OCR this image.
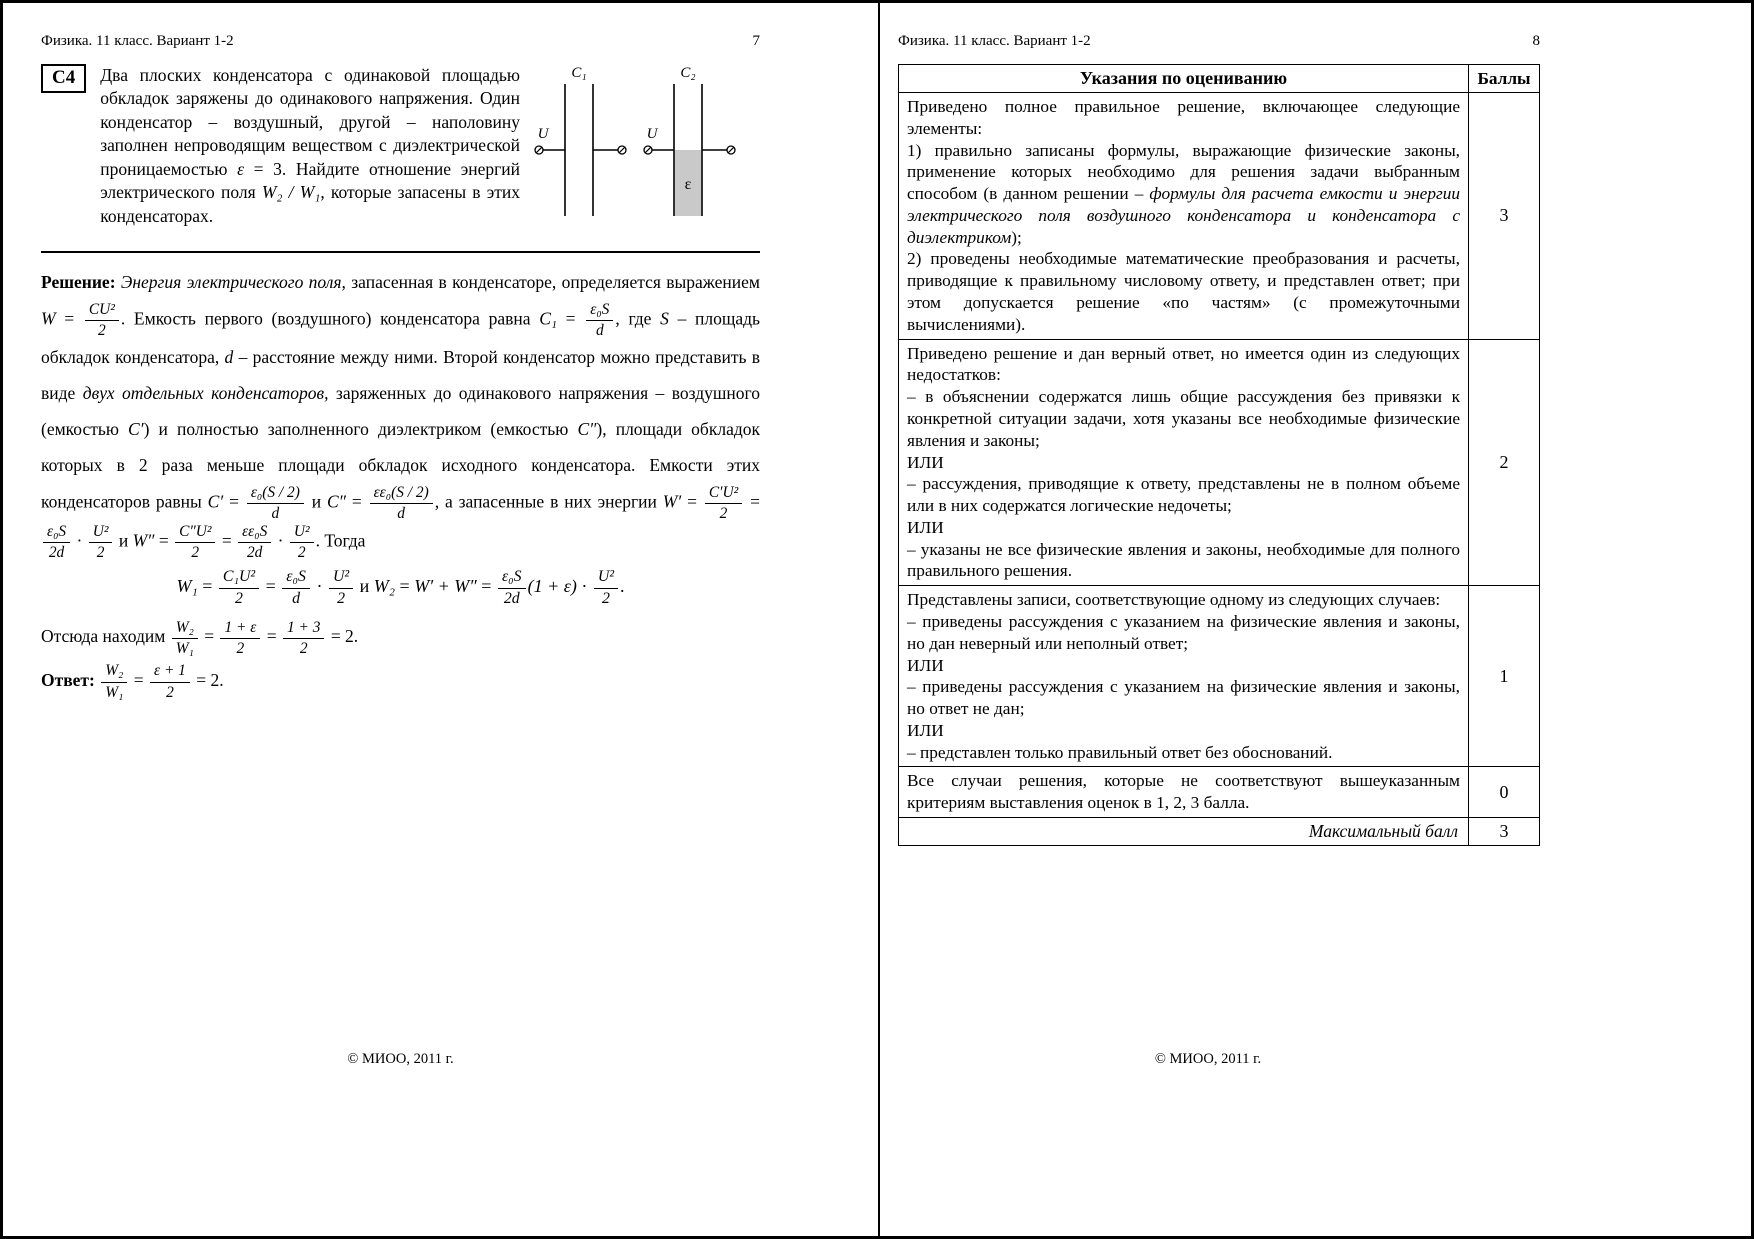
Физика. 11 класс. Вариант 1-2	7
С4	Два плоских конденсатора с одинаковой площадью обкладок заряжены до одинакового напряжения. Один конденсатор – воздушный, другой – наполовину заполнен непроводящим веществом с диэлектрической проницаемостью ε = 3. Найдите отношение энергий электрического поля W₂ / W₁, которые запасены в этих конденсаторах.
C₁
U
C₂
U
ε
Решение: Энергия электрического поля, запасенная в конденсаторе, определяется выражением $W = \frac{\text{CU²}}{2}$ . Емкость первого (воздушного) конденсатора равна $C_1 = \frac{\text{ε₀S}}{d}$ , где S – площадь обкладок конденсатора, d – расстояние между ними. Второй конденсатор можно представить в виде двух отдельных конденсаторов, заряженных до одинакового напряжения – воздушного (емкостью C′) и полностью заполненного диэлектриком (емкостью C″), площади обкладок которых в 2 раза меньше площади обкладок исходного конденсатора. Емкости этих конденсаторов равны $C' = \frac{\text{ε₀(S / 2)}}{d}$ и $C'' = \frac{\text{εε₀(S / 2)}}{d}$ , а запасенные в них энергии $W' = \frac{\text{C′U²}}{2}$ =
$\frac{\text{ε₀S}}{2d} \cdot \frac{\text{U²}}{2}$ и $W'' = \frac{\text{C″U²}}{2} = \frac{\text{εε₀S}}{2d} \cdot \frac{\text{U²}}{2}$ . Тогда
$W_1 = \frac{\text{C₁U²}}{2} = \frac{\text{ε₀S}}{d} \cdot \frac{\text{U²}}{2}$ и $W_2 = W' + W'' = \frac{\text{ε₀S}}{2d} (1 + \varepsilon) \cdot \frac{\text{U²}}{2}$ .
Отсюда находим $\frac{\text{W₂}}{\text{W₁}} = \frac{1 + \varepsilon}{2} = \frac{1 + 3}{2} = 2$.
Ответ: $\frac{\text{W₂}}{\text{W₁}} = \frac{\varepsilon + 1}{2} = 2$.
© МИОО, 2011 г.
Физика. 11 класс. Вариант 1-2	8
Указания по оцениванию	Баллы

Приведено полное правильное решение, включающее следующие элементы:
1) правильно записаны формулы, выражающие физические законы, применение которых необходимо для решения задачи выбранным способом (в данном решении – формулы для расчета емкости и энергии электрического поля воздушного конденсатора и конденсатора с диэлектриком);
2) проведены необходимые математические преобразования и расчеты, приводящие к правильному числовому ответу, и представлен ответ; при этом допускается решение «по частям» (с промежуточными вычислениями).	3

Приведено решение и дан верный ответ, но имеется один из следующих недостатков:
– в объяснении содержатся лишь общие рассуждения без привязки к конкретной ситуации задачи, хотя указаны все необходимые физические явления и законы;
ИЛИ
– рассуждения, приводящие к ответу, представлены не в полном объеме или в них содержатся логические недочеты;
ИЛИ
– указаны не все физические явления и законы, необходимые для полного правильного решения.
	2

Представлены записи, соответствующие одному из следующих случаев:
– приведены рассуждения с указанием на физические явления и законы, но дан неверный или неполный ответ;
ИЛИ
– приведены рассуждения с указанием на физические явления и законы, но ответ не дан;
ИЛИ
– представлен только правильный ответ без обоснований.
	1

Все случаи решения, которые не соответствуют вышеуказанным критериям выставления оценок в 1, 2, 3 балла.	0
Максимальный балл	3
© МИОО, 2011 г.
